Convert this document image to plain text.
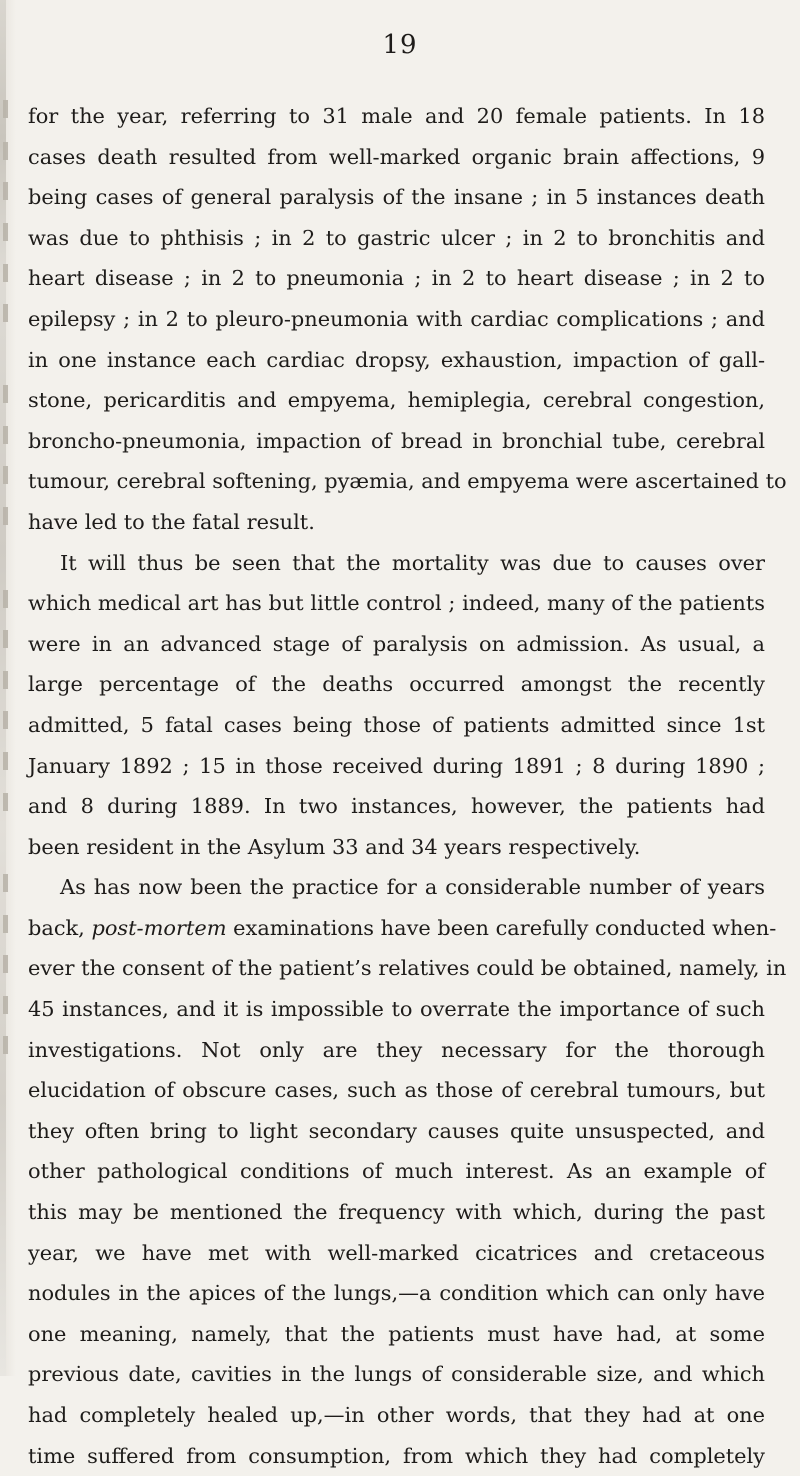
19
for the year, referring to 31 male and 20 female patients. In 18
cases death resulted from well-marked organic brain affections, 9
being cases of general paralysis of the insane ; in 5 instances death
was due to phthisis ; in 2 to gastric ulcer ; in 2 to bronchitis and
heart disease ; in 2 to pneumonia ; in 2 to heart disease ; in 2 to
epilepsy ; in 2 to pleuro-pneumonia with cardiac complications ; and
in one instance each cardiac dropsy, exhaustion, impaction of gall-
stone, pericarditis and empyema, hemiplegia, cerebral congestion,
broncho-pneumonia, impaction of bread in bronchial tube, cerebral
tumour, cerebral softening, pyæmia, and empyema were ascertained to
have led to the fatal result.
It will thus be seen that the mortality was due to causes over
which medical art has but little control ; indeed, many of the patients
were in an advanced stage of paralysis on admission. As usual, a
large percentage of the deaths occurred amongst the recently
admitted, 5 fatal cases being those of patients admitted since 1st
January 1892 ; 15 in those received during 1891 ; 8 during 1890 ;
and 8 during 1889. In two instances, however, the patients had
been resident in the Asylum 33 and 34 years respectively.
As has now been the practice for a considerable number of years
back, post-mortem examinations have been carefully conducted when-
ever the consent of the patient’s relatives could be obtained, namely, in
45 instances, and it is impossible to overrate the importance of such
investigations. Not only are they necessary for the thorough
elucidation of obscure cases, such as those of cerebral tumours, but
they often bring to light secondary causes quite unsuspected, and
other pathological conditions of much interest. As an example of
this may be mentioned the frequency with which, during the past
year, we have met with well-marked cicatrices and cretaceous
nodules in the apices of the lungs,—a condition which can only have
one meaning, namely, that the patients must have had, at some
previous date, cavities in the lungs of considerable size, and which
had completely healed up,—in other words, that they had at one
time suffered from consumption, from which they had completely
